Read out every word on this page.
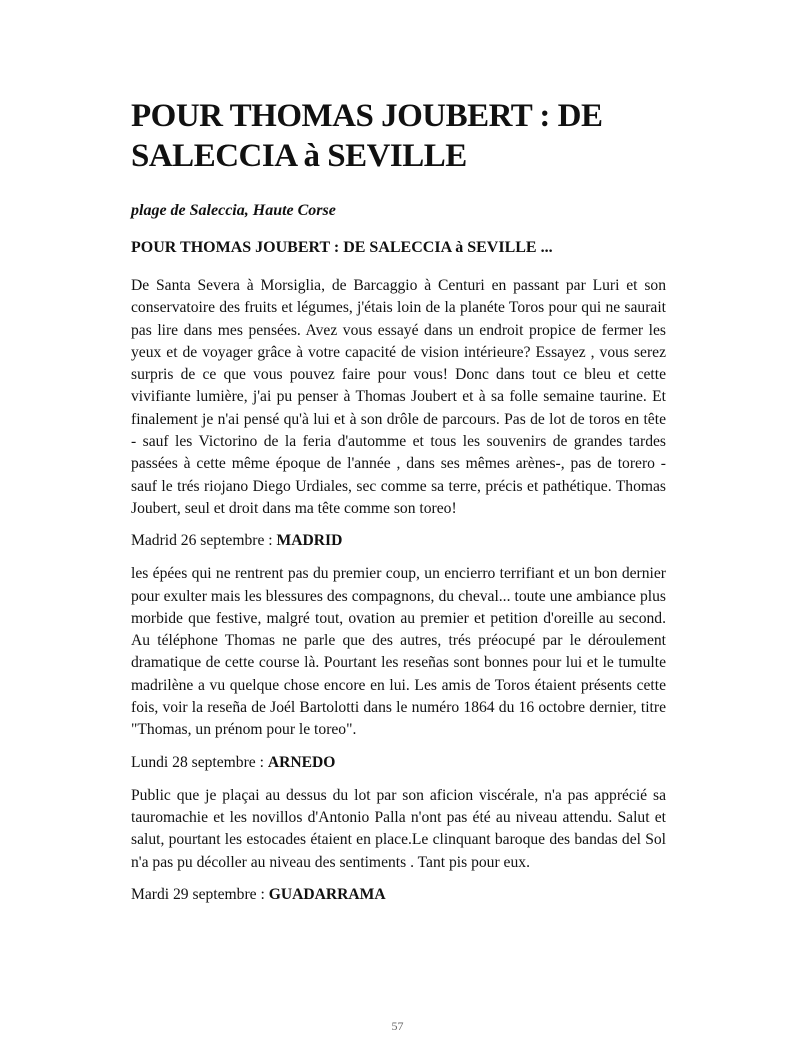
POUR THOMAS JOUBERT : DE SALECCIA à SEVILLE
plage de Saleccia, Haute Corse
POUR THOMAS JOUBERT : DE SALECCIA à SEVILLE ...

De Santa Severa à Morsiglia, de Barcaggio à Centuri en passant par Luri et son conservatoire des fruits et légumes, j'étais loin de la planéte Toros pour qui ne saurait pas lire dans mes pensées. Avez vous essayé dans un endroit propice de fermer les yeux et de voyager grâce à votre capacité de vision intérieure? Essayez , vous serez surpris de ce que vous pouvez faire pour vous! Donc dans tout ce bleu et cette vivifiante lumière, j'ai pu penser à Thomas Joubert et à sa folle semaine taurine. Et finalement je n'ai pensé qu'à lui et à son drôle de parcours. Pas de lot de toros en tête - sauf les Victorino de la feria d'automme et tous les souvenirs de grandes tardes passées à cette même époque de l'année , dans ses mêmes arènes-, pas de torero - sauf le trés riojano Diego Urdiales, sec comme sa terre, précis et pathétique. Thomas Joubert, seul et droit dans ma tête comme son toreo!

Madrid 26 septembre : MADRID

les épées qui ne rentrent pas du premier coup, un encierro terrifiant et un bon dernier pour exulter mais les blessures des compagnons, du cheval... toute une ambiance plus morbide que festive, malgré tout, ovation au premier et petition d'oreille au second. Au téléphone Thomas ne parle que des autres, trés préocupé par le déroulement dramatique de cette course là. Pourtant les reseñas sont bonnes pour lui et le tumulte madrilène a vu quelque chose encore en lui. Les amis de Toros étaient présents cette fois, voir la reseña de Joél Bartolotti dans le numéro 1864 du 16 octobre dernier, titre "Thomas, un prénom pour le toreo".

Lundi 28 septembre : ARNEDO

Public que je plaçai au dessus du lot par son aficion viscérale, n'a pas apprécié sa tauromachie et les novillos d'Antonio Palla n'ont pas été au niveau attendu. Salut et salut, pourtant les estocades étaient en place.Le clinquant baroque des bandas del Sol n'a pas pu décoller au niveau des sentiments . Tant pis pour eux.

Mardi 29 septembre : GUADARRAMA
57
